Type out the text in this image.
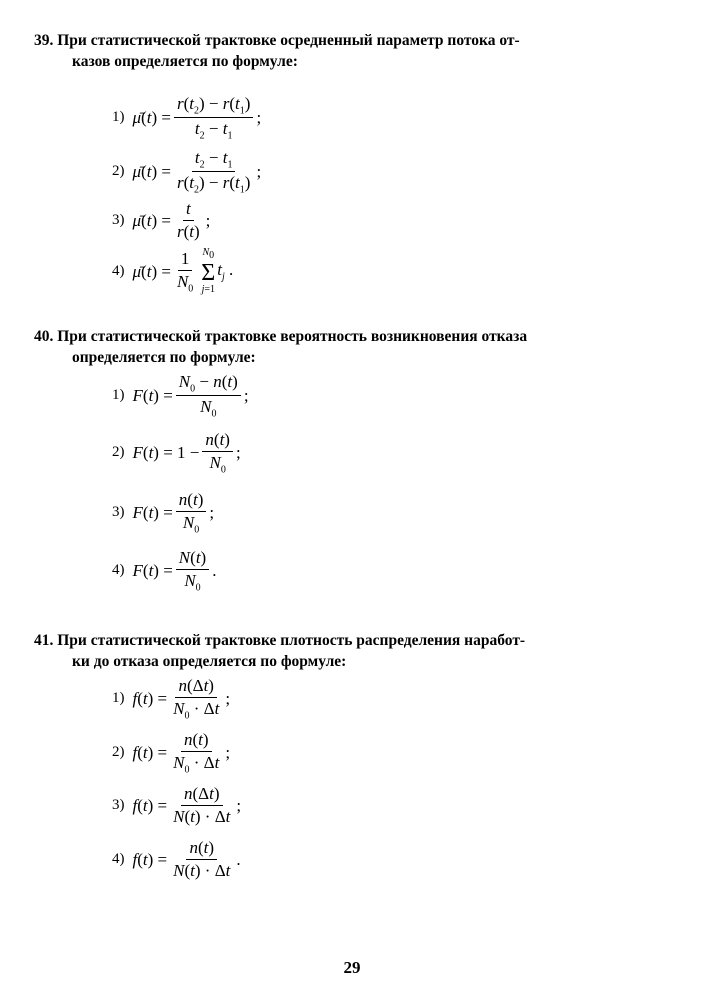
39. При статистической трактовке осредненный параметр потока от-
казов определяется по формуле:
1) μ̄(t) = $\frac{r(t_2) - r(t_1)}{t_2 - t_1}$ ;
2) μ̄(t) = $\frac{t_2 - t_1}{r(t_2) - r(t_1)}$ ;
3) μ̄(t) = $\frac{t}{r(t)}$ ;
4) μ̄(t) = $\frac{1}{N_0} N_0$
Σ
j=1
$t_j$ .
40. При статистической трактовке вероятность возникновения отказа
определяется по формуле:
1) $F(t) = \frac{N_0 - n(t)}{N_0}$ ;
2) $F(t) = 1 - \frac{n(t)}{N_0}$ ;
3) $F(t) = \frac{n(t)}{N_0}$ ;
4) $F(t) = \frac{N(t)}{N_0}$ .
41. При статистической трактовке плотность распределения наработ-
ки до отказа определяется по формуле:
1) $f(t) = \frac{n(\Delta t)}{N_0 \cdot \Delta t}$ ;
2) $f(t) = \frac{n(t)}{N_0 \cdot \Delta t}$ ;
3) $f(t) = \frac{n(\Delta t)}{N(t) \cdot \Delta t}$ ;
4) $f(t) = \frac{n(t)}{N(t) \cdot \Delta t}$ .
29
